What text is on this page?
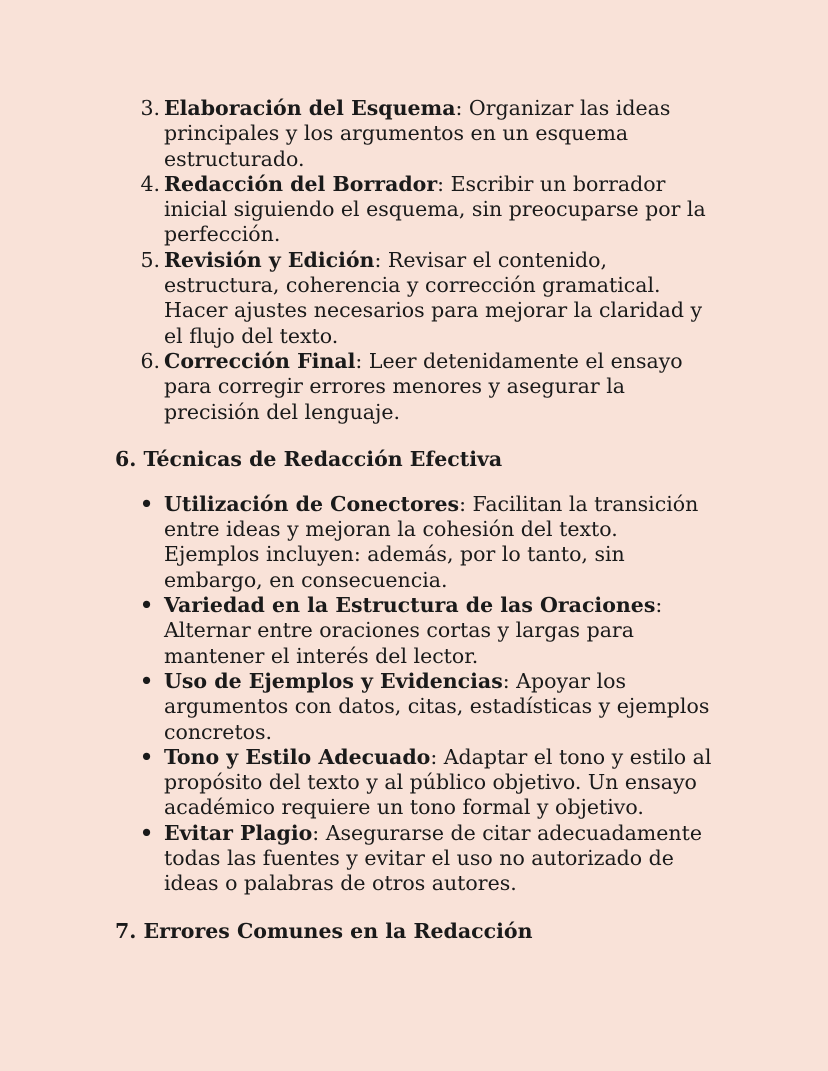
3. Elaboración del Esquema: Organizar las ideas principales y los argumentos en un esquema estructurado.
4. Redacción del Borrador: Escribir un borrador inicial siguiendo el esquema, sin preocuparse por la perfección.
5. Revisión y Edición: Revisar el contenido, estructura, coherencia y corrección gramatical. Hacer ajustes necesarios para mejorar la claridad y el flujo del texto.
6. Corrección Final: Leer detenidamente el ensayo para corregir errores menores y asegurar la precisión del lenguaje.
6. Técnicas de Redacción Efectiva
• Utilización de Conectores: Facilitan la transición entre ideas y mejoran la cohesión del texto. Ejemplos incluyen: además, por lo tanto, sin embargo, en consecuencia.
• Variedad en la Estructura de las Oraciones: Alternar entre oraciones cortas y largas para mantener el interés del lector.
• Uso de Ejemplos y Evidencias: Apoyar los argumentos con datos, citas, estadísticas y ejemplos concretos.
• Tono y Estilo Adecuado: Adaptar el tono y estilo al propósito del texto y al público objetivo. Un ensayo académico requiere un tono formal y objetivo.
• Evitar Plagio: Asegurarse de citar adecuadamente todas las fuentes y evitar el uso no autorizado de ideas o palabras de otros autores.
7. Errores Comunes en la Redacción
